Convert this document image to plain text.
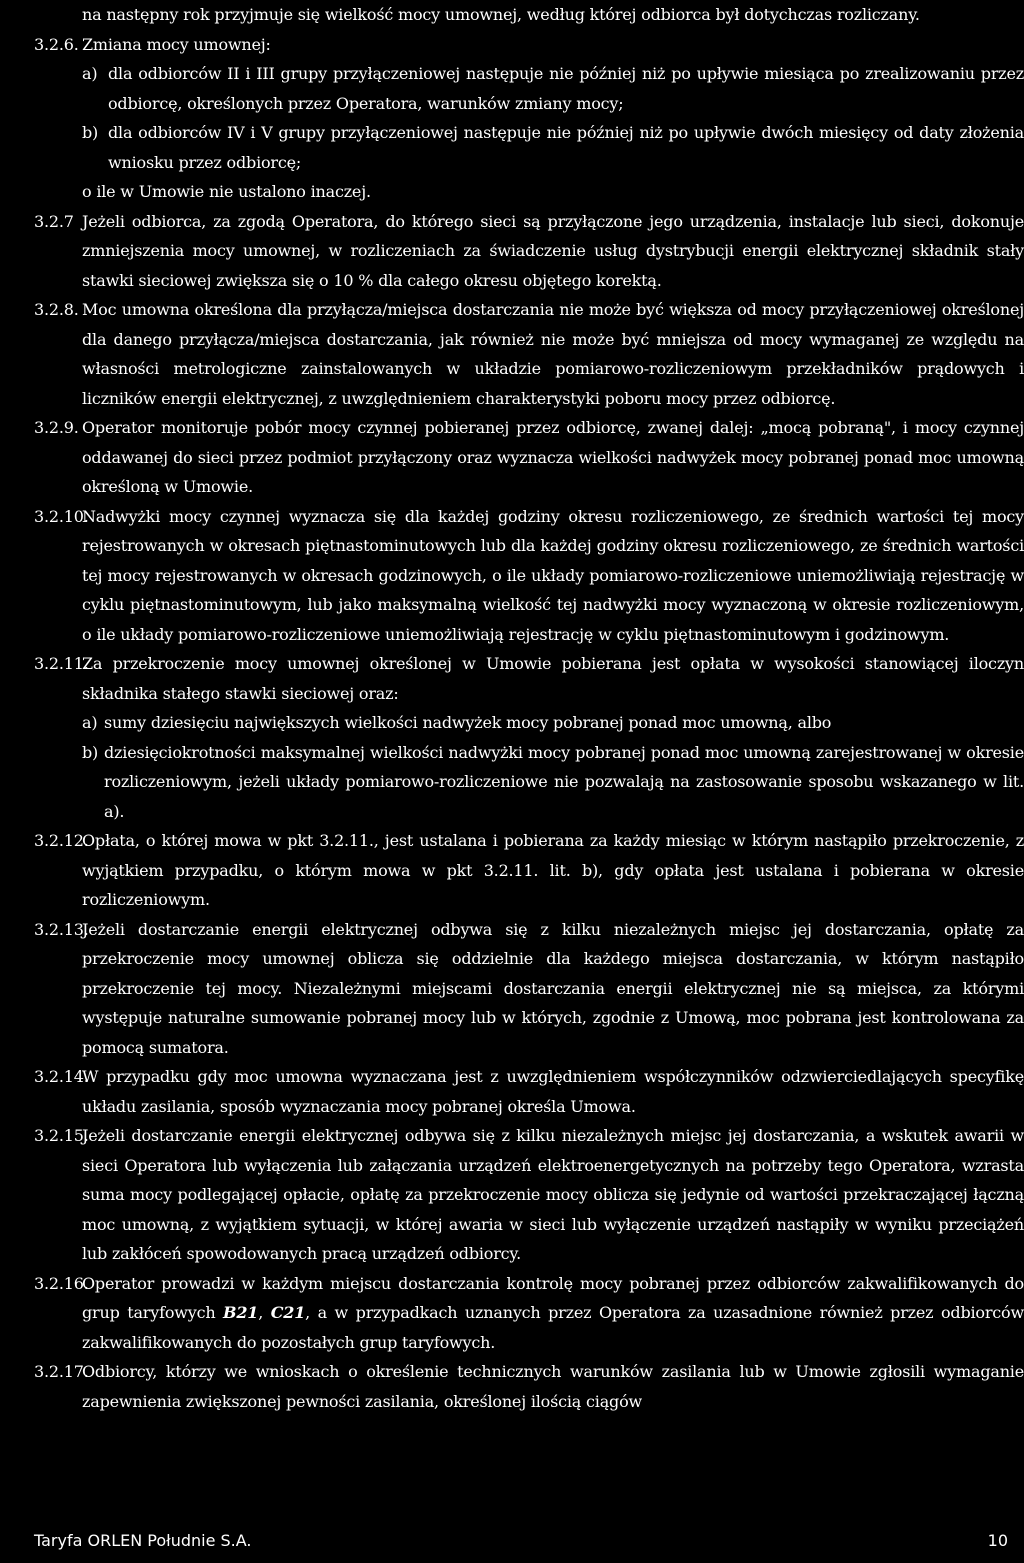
na następny rok przyjmuje się wielkość mocy umownej, według której odbiorca był dotychczas rozliczany.

3.2.6. Zmiana mocy umownej:

a) dla odbiorców II i III grupy przyłączeniowej następuje nie później niż po upływie miesiąca po zrealizowaniu przez odbiorcę, określonych przez Operatora, warunków zmiany mocy;
b) dla odbiorców IV i V grupy przyłączeniowej następuje nie później niż po upływie dwóch miesięcy od daty złożenia wniosku przez odbiorcę;

o ile w Umowie nie ustalono inaczej.

3.2.7 Jeżeli odbiorca, za zgodą Operatora, do którego sieci są przyłączone jego urządzenia, instalacje lub sieci, dokonuje zmniejszenia mocy umownej, w rozliczeniach za świadczenie usług dystrybucji energii elektrycznej składnik stały stawki sieciowej zwiększa się o 10 % dla całego okresu objętego korektą.

3.2.8. Moc umowna określona dla przyłącza/miejsca dostarczania nie może być większa od mocy przyłączeniowej określonej dla danego przyłącza/miejsca dostarczania, jak również nie może być mniejsza od mocy wymaganej ze względu na własności metrologiczne zainstalowanych w układzie pomiarowo-rozliczeniowym przekładników prądowych i liczników energii elektrycznej, z uwzględnieniem charakterystyki poboru mocy przez odbiorcę.

3.2.9. Operator monitoruje pobór mocy czynnej pobieranej przez odbiorcę, zwanej dalej: „mocą pobraną", i mocy czynnej oddawanej do sieci przez podmiot przyłączony oraz wyznacza wielkości nadwyżek mocy pobranej ponad moc umowną określoną w Umowie.

3.2.10.

Nadwyżki mocy czynnej wyznacza się dla każdej godziny okresu rozliczeniowego, ze średnich wartości tej mocy rejestrowanych w okresach piętnastominutowych lub dla każdej godziny okresu rozliczeniowego, ze średnich wartości tej mocy rejestrowanych w okresach godzinowych, o ile układy pomiarowo-rozliczeniowe uniemożliwiają rejestrację w cyklu piętnastominutowym, lub jako maksymalną wielkość tej nadwyżki mocy wyznaczoną w okresie rozliczeniowym, o ile układy pomiarowo-rozliczeniowe uniemożliwiają rejestrację w cyklu piętnastominutowym i godzinowym.

3.2.11.

Za przekroczenie mocy umownej określonej w Umowie pobierana jest opłata w wysokości stanowiącej iloczyn składnika stałego stawki sieciowej oraz:

a) sumy dziesięciu największych wielkości nadwyżek mocy pobranej ponad moc umowną, albo
b) dziesięciokrotności maksymalnej wielkości nadwyżki mocy pobranej ponad moc umowną zarejestrowanej w okresie rozliczeniowym, jeżeli układy pomiarowo-rozliczeniowe nie pozwalają na zastosowanie sposobu wskazanego w lit. a).
3.2.12.

Opłata, o której mowa w pkt 3.2.11., jest ustalana i pobierana za każdy miesiąc w którym nastąpiło przekroczenie, z wyjątkiem przypadku, o którym mowa w pkt 3.2.11. lit. b), gdy opłata jest ustalana i pobierana w okresie rozliczeniowym.

3.2.13.

Jeżeli dostarczanie energii elektrycznej odbywa się z kilku niezależnych miejsc jej dostarczania, opłatę za przekroczenie mocy umownej oblicza się oddzielnie dla każdego miejsca dostarczania, w którym nastąpiło przekroczenie tej mocy. Niezależnymi miejscami dostarczania energii elektrycznej nie są miejsca, za którymi występuje naturalne sumowanie pobranej mocy lub w których, zgodnie z Umową, moc pobrana jest kontrolowana za pomocą sumatora.

3.2.14.

W przypadku gdy moc umowna wyznaczana jest z uwzględnieniem współczynników odzwierciedlających specyfikę układu zasilania, sposób wyznaczania mocy pobranej określa Umowa.

3.2.15.

Jeżeli dostarczanie energii elektrycznej odbywa się z kilku niezależnych miejsc jej dostarczania, a wskutek awarii w sieci Operatora lub wyłączenia lub załączania urządzeń elektroenergetycznych na potrzeby tego Operatora, wzrasta suma mocy podlegającej opłacie, opłatę za przekroczenie mocy oblicza się jedynie od wartości przekraczającej łączną moc umowną, z wyjątkiem sytuacji, w której awaria w sieci lub wyłączenie urządzeń nastąpiły w wyniku przeciążeń lub zakłóceń spowodowanych pracą urządzeń odbiorcy.

3.2.16.

Operator prowadzi w każdym miejscu dostarczania kontrolę mocy pobranej przez odbiorców zakwalifikowanych do grup taryfowych B21, C21, a w przypadkach uznanych przez Operatora za uzasadnione również przez odbiorców zakwalifikowanych do pozostałych grup taryfowych.

3.2.17.

Odbiorcy, którzy we wnioskach o określenie technicznych warunków zasilania lub w Umowie zgłosili wymaganie zapewnienia zwiększonej pewności zasilania, określonej ilością ciągów

Taryfa ORLEN Południe S.A.	10
